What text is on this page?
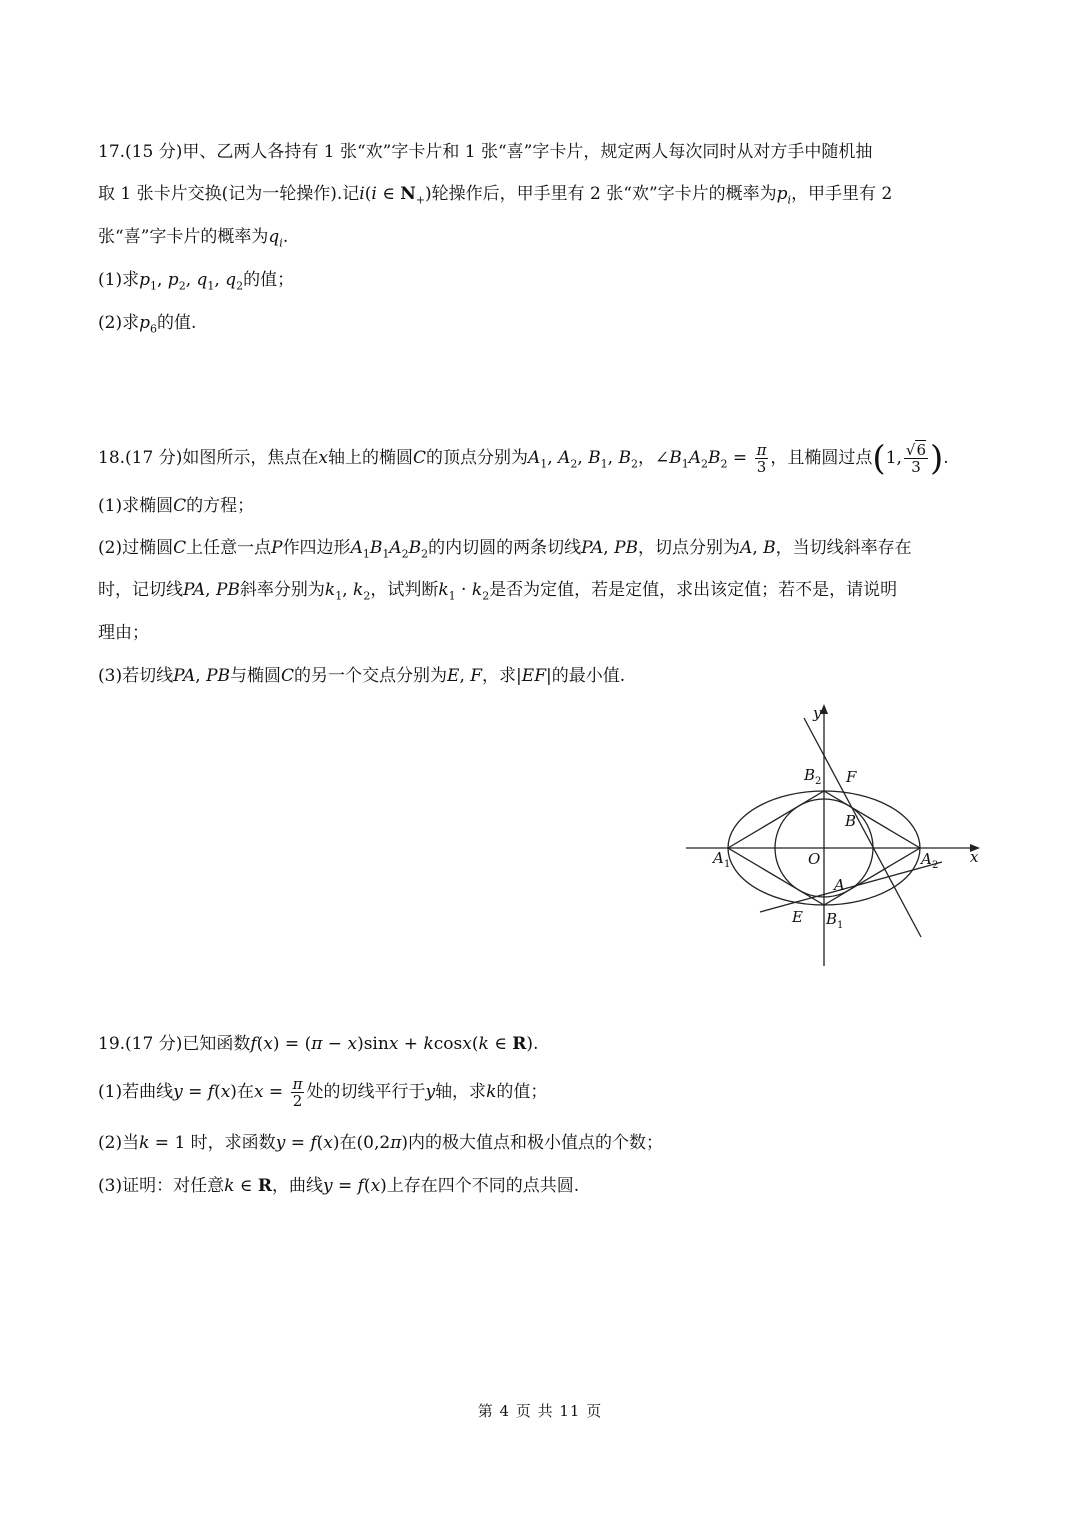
17.(15 分)甲、乙两人各持有 1 张“欢”字卡片和 1 张“喜”字卡片，规定两人每次同时从对方手中随机抽
取 1 张卡片交换(记为一轮操作).记i(i ∈ $N_+$)轮操作后，甲手里有 2 张“欢”字卡片的概率为$p_i$，甲手里有 2
张“喜”字卡片的概率为$q_i$.
(1)求$p_1$, $p_2$, $q_1$, $q_2$的值；
(2)求$p_6$的值.
18.(17 分)如图所示，焦点在x轴上的椭圆C的顶点分别为$A_1$, $A_2$, $B_1$, $B_2$，$\angle B_1A_2B_2 = \frac{\pi}{3}$ ，且椭圆过点(1, $\frac{√6}{3}$ ).
(1)求椭圆C的方程；
(2)过椭圆C上任意一点P作四边形$A_1B_1A_2B_2$的内切圆的两条切线PA, PB，切点分别为A, B，当切线斜率存在
时，记切线PA, PB斜率分别为$k_1$, $k_2$，试判断$k_1 \cdot k_2$是否为定值，若是定值，求出该定值；若不是，请说明
理由；
(3)若切线PA, PB与椭圆C的另一个交点分别为E, F，求|EF|的最小值.
y
x
O
A 1	A 2
B 2
B 1
F
B
A
E
19.(17 分)已知函数f(x) = (π − x)sinx + kcosx(k ∈ R).
(1)若曲线y = f(x)在$x = \frac{\pi}{2}$ 处的切线平行于y轴，求k的值；
(2)当k = 1 时，求函数y = f(x)在(0,2π)内的极大值点和极小值点的个数；
(3)证明：对任意k ∈ R，曲线y = f(x)上存在四个不同的点共圆.
第 4 页 共 11 页
